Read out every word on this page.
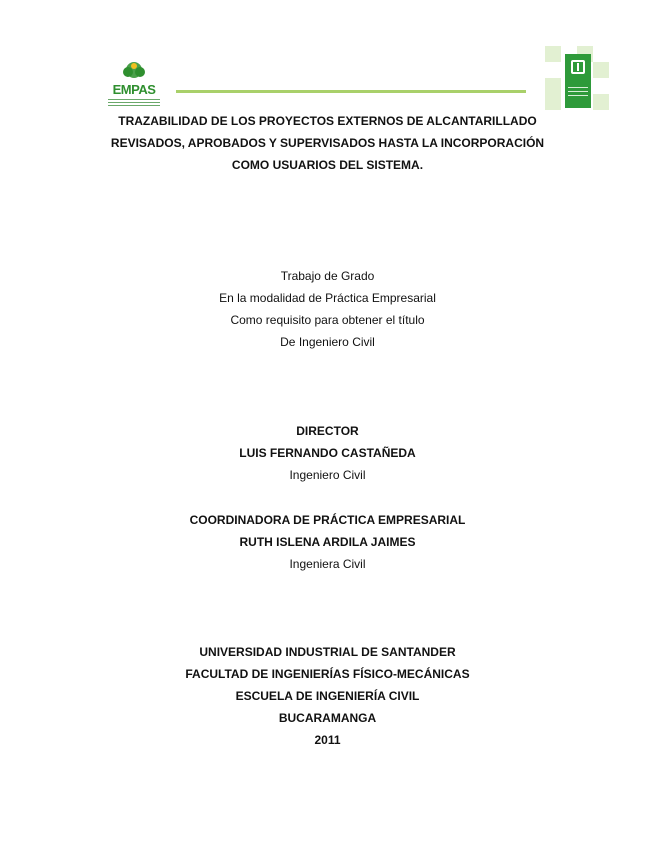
EMPAS
TRAZABILIDAD DE LOS PROYECTOS EXTERNOS DE ALCANTARILLADO
REVISADOS, APROBADOS Y SUPERVISADOS HASTA LA INCORPORACIÓN
COMO USUARIOS DEL SISTEMA.
Trabajo de Grado
En la modalidad de Práctica Empresarial
Como requisito para obtener el título
De Ingeniero Civil
DIRECTOR
LUIS FERNANDO CASTAÑEDA
Ingeniero Civil
COORDINADORA DE PRÁCTICA EMPRESARIAL
RUTH ISLENA ARDILA JAIMES
Ingeniera Civil
UNIVERSIDAD INDUSTRIAL DE SANTANDER
FACULTAD DE INGENIERÍAS FÍSICO-MECÁNICAS
ESCUELA DE INGENIERÍA CIVIL
BUCARAMANGA
2011
